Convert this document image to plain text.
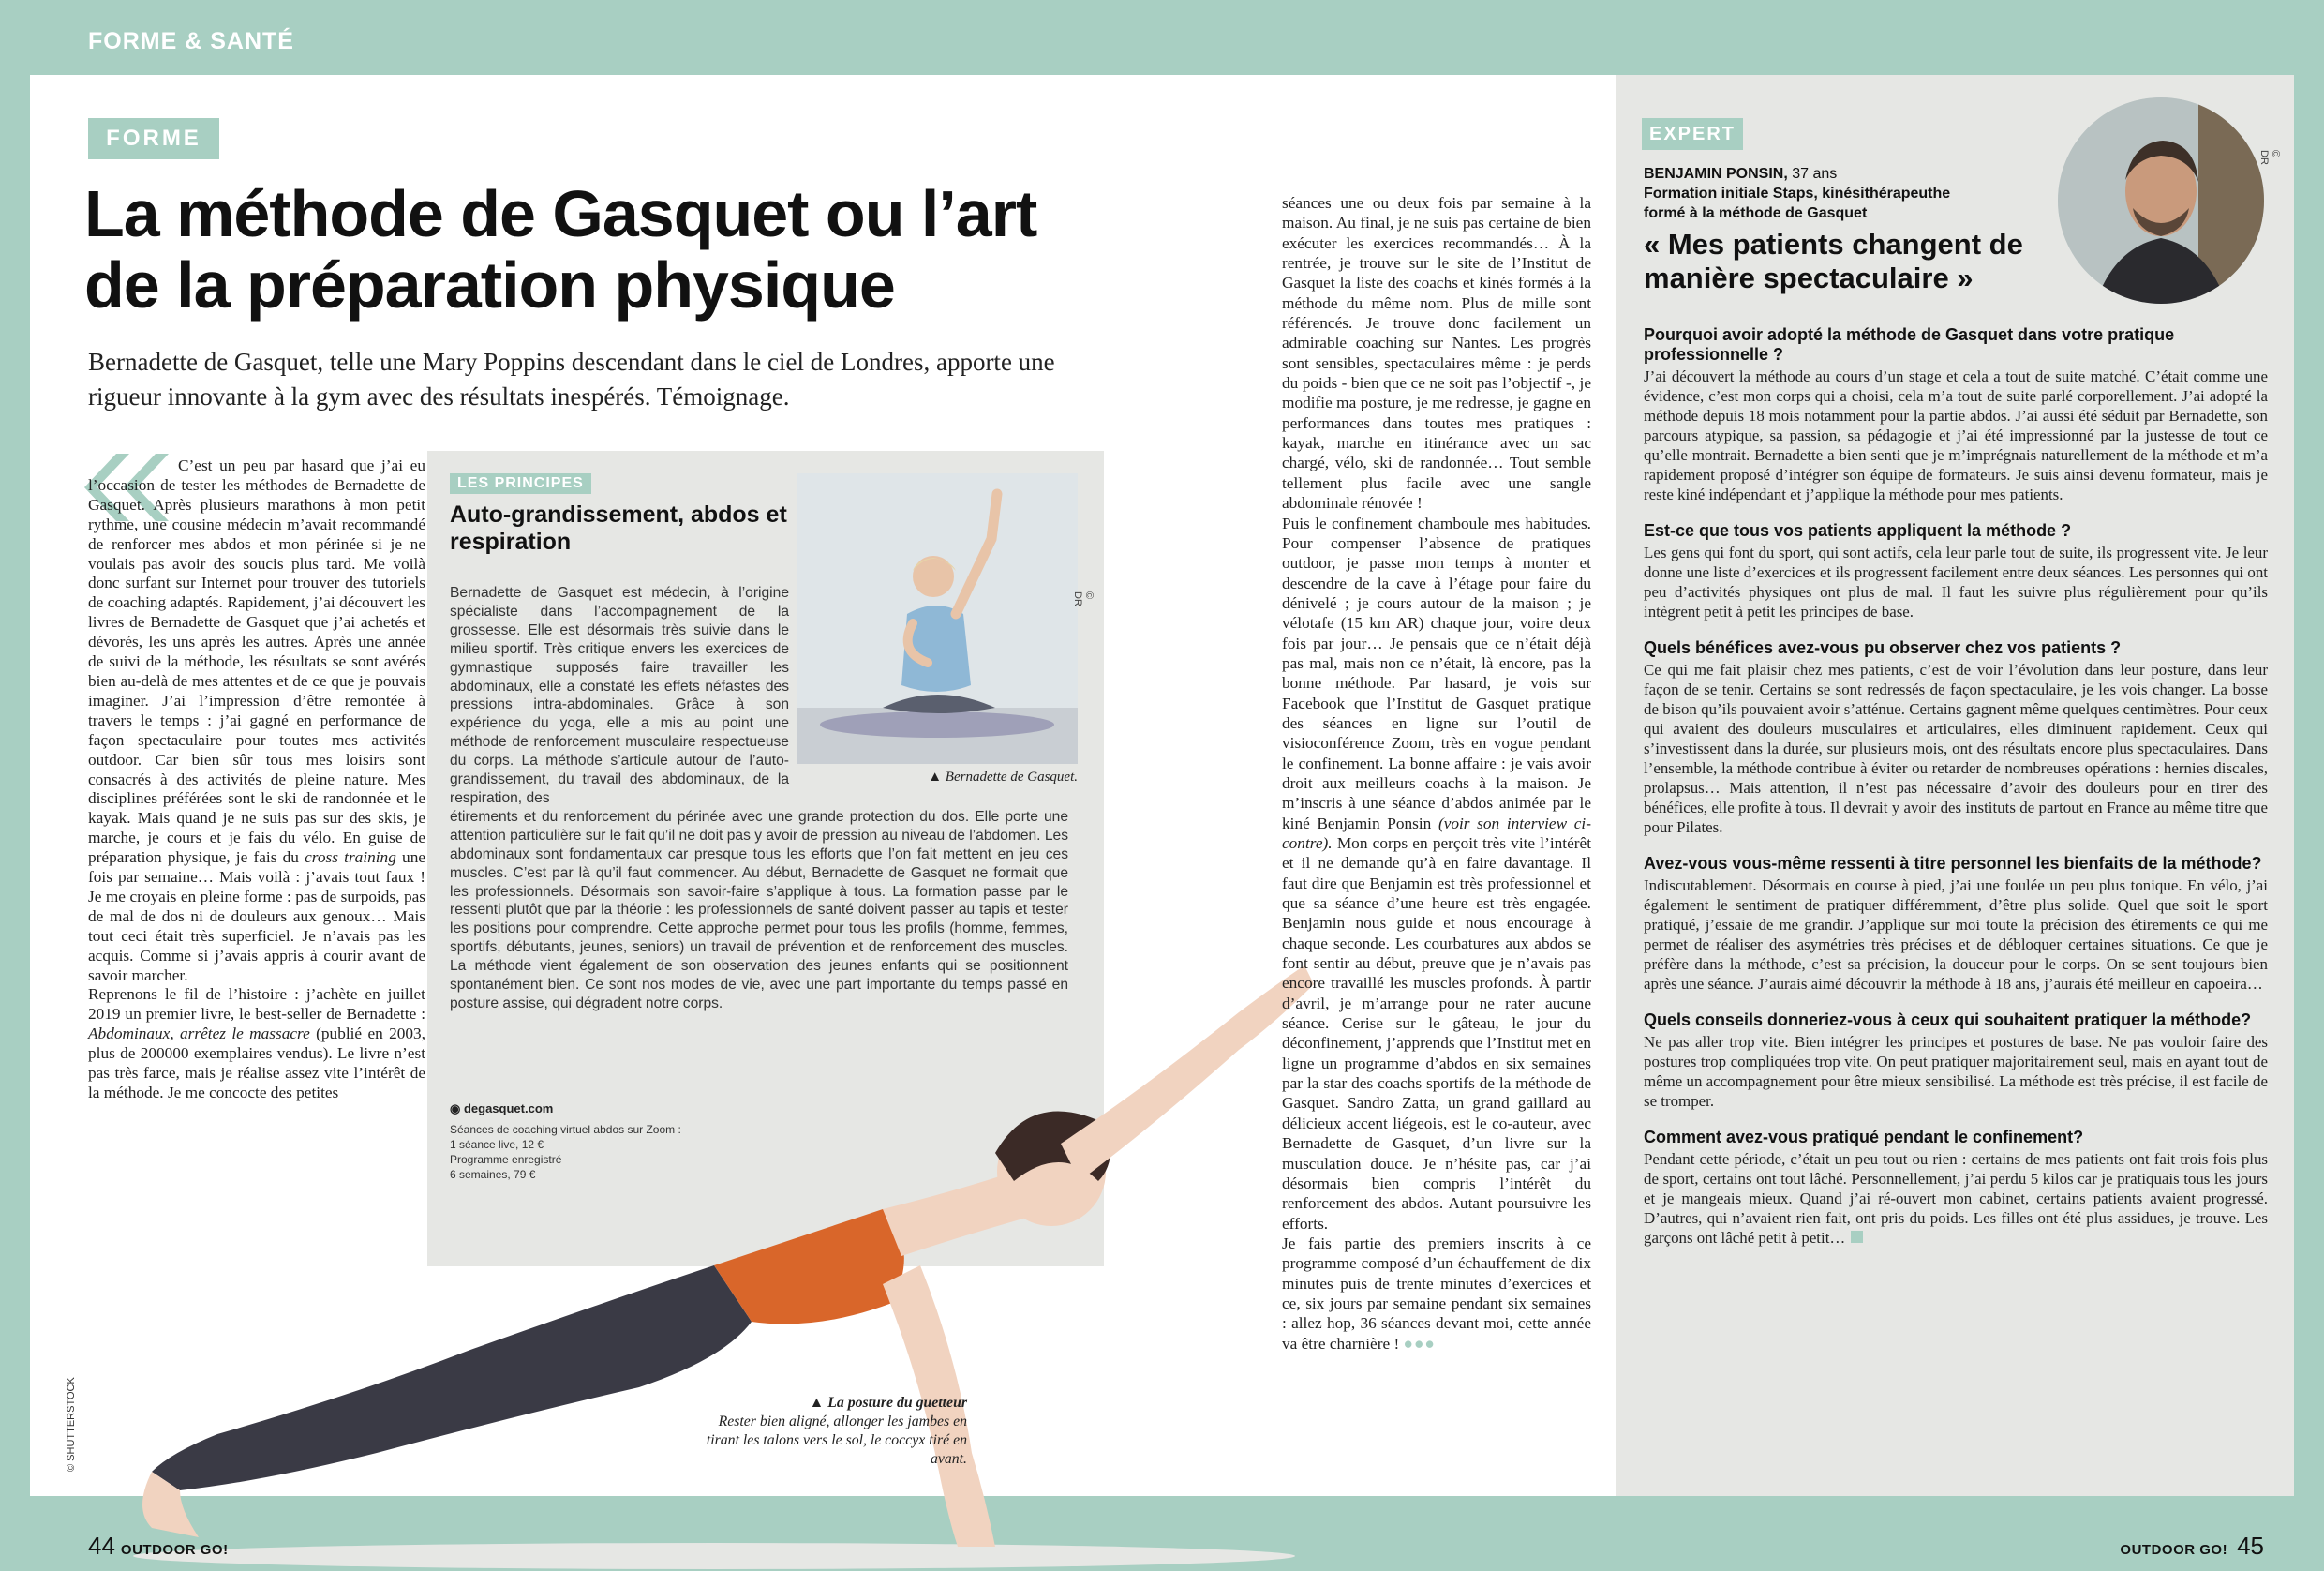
FORME & SANTÉ
FORME
La méthode de Gasquet ou l’art
de la préparation physique

Bernadette de Gasquet, telle une Mary Poppins descendant dans le ciel de Londres, apporte une rigueur innovante à la gym avec des résultats inespérés. Témoignage.

C’est un peu par hasard que j’ai eu l’occasion de tester les méthodes de Bernadette de Gasquet. Après plusieurs marathons à mon petit rythme, une cousine médecin m’avait recommandé de renforcer mes abdos et mon périnée si je ne voulais pas avoir des soucis plus tard. Me voilà donc surfant sur Internet pour trouver des tutoriels de coaching adaptés. Rapidement, j’ai découvert les livres de Bernadette de Gasquet que j’ai achetés et dévorés, les uns après les autres. Après une année de suivi de la méthode, les résultats se sont avérés bien au-delà de mes attentes et de ce que je pouvais imaginer. J’ai l’impression d’être remontée à travers le temps : j’ai gagné en performance de façon spectaculaire pour toutes mes activités outdoor. Car bien sûr tous mes loisirs sont consacrés à des activités de pleine nature. Mes disciplines préférées sont le ski de randonnée et le kayak. Mais quand je ne suis pas sur des skis, je marche, je cours et je fais du vélo. En guise de préparation physique, je fais du cross training une fois par semaine… Mais voilà : j’avais tout faux ! Je me croyais en pleine forme : pas de surpoids, pas de mal de dos ni de douleurs aux genoux… Mais tout ceci était très superficiel. Je n’avais pas les acquis. Comme si j’avais appris à courir avant de savoir marcher.

Reprenons le fil de l’histoire : j’achète en juillet 2019 un premier livre, le best-seller de Bernadette : Abdominaux, arrêtez le massacre (publié en 2003, plus de 200000 exemplaires vendus). Le livre n’est pas très farce, mais je réalise assez vite l’intérêt de la méthode. Je me concocte des petites

LES PRINCIPES
Auto-grandissement, abdos et respiration
© DR
▲ Bernadette de Gasquet.

Bernadette de Gasquet est médecin, à l’origine spécialiste dans l’accompagnement de la grossesse. Elle est désormais très suivie dans le milieu sportif. Très critique envers les exercices de gymnastique supposés faire travailler les abdominaux, elle a constaté les effets néfastes des pressions intra-abdominales. Grâce à son expérience du yoga, elle a mis au point une méthode de renforcement musculaire respectueuse du corps. La méthode s’articule autour de l’auto-grandissement, du travail des abdominaux, de la respiration, des
étirements et du renforcement du périnée avec une grande protection du dos. Elle porte une attention particulière sur le fait qu’il ne doit pas y avoir de pression au niveau de l’abdomen. Les abdominaux sont fondamentaux car presque tous les efforts que l’on fait mettent en jeu ces muscles. C’est par là qu’il faut commencer. Au début, Bernadette de Gasquet ne formait que les professionnels. Désormais son savoir-faire s’applique à tous. La formation passe par le ressenti plutôt que par la théorie : les professionnels de santé doivent passer au tapis et tester les positions pour comprendre. Cette approche permet pour tous les profils (homme, femmes, sportifs, débutants, jeunes, seniors) un travail de prévention et de renforcement des muscles. La méthode vient également de son observation des jeunes enfants qui se positionnent spontanément bien. Ce sont nos modes de vie, avec une part importante du temps passé en posture assise, qui dégradent notre corps.

◉ degasquet.com

Séances de coaching virtuel abdos sur Zoom :
1 séance live, 12 €
Programme enregistré
6 semaines, 79 €

▲ La posture du guetteur
Rester bien aligné, allonger les jambes en tirant les talons vers le sol, le coccyx tiré en avant.

séances une ou deux fois par semaine à la maison. Au final, je ne suis pas certaine de bien exécuter les exercices recommandés… À la rentrée, je trouve sur le site de l’Institut de Gasquet la liste des coachs et kinés formés à la méthode du même nom. Plus de mille sont référencés. Je trouve donc facilement un admirable coaching sur Nantes. Les progrès sont sensibles, spectaculaires même : je perds du poids - bien que ce ne soit pas l’objectif -, je modifie ma posture, je me redresse, je gagne en performances dans toutes mes pratiques : kayak, marche en itinérance avec un sac chargé, vélo, ski de randonnée… Tout semble tellement plus facile avec une sangle abdominale rénovée !

Puis le confinement chamboule mes habitudes. Pour compenser l’absence de pratiques outdoor, je passe mon temps à monter et descendre de la cave à l’étage pour faire du dénivelé ; je cours autour de la maison ; je vélotafe (15 km AR) chaque jour, voire deux fois par jour… Je pensais que ce n’était déjà pas mal, mais non ce n’était, là encore, pas la bonne méthode. Par hasard, je vois sur Facebook que l’Institut de Gasquet pratique des séances en ligne sur l’outil de visioconférence Zoom, très en vogue pendant le confinement. La bonne affaire : je vais avoir droit aux meilleurs coachs à la maison. Je m’inscris à une séance d’abdos animée par le kiné Benjamin Ponsin (voir son interview ci-contre). Mon corps en perçoit très vite l’intérêt et il ne demande qu’à en faire davantage. Il faut dire que Benjamin est très professionnel et que sa séance d’une heure est très engagée. Benjamin nous guide et nous encourage à chaque seconde. Les courbatures aux abdos se font sentir au début, preuve que je n’avais pas encore travaillé les muscles profonds. À partir d’avril, je m’arrange pour ne rater aucune séance. Cerise sur le gâteau, le jour du déconfinement, j’apprends que l’Institut met en ligne un programme d’abdos en six semaines par la star des coachs sportifs de la méthode de Gasquet. Sandro Zatta, un grand gaillard au délicieux accent liégeois, est le co-auteur, avec Bernadette de Gasquet, d’un livre sur la musculation douce. Je n’hésite pas, car j’ai désormais bien compris l’intérêt du renforcement des abdos. Autant poursuivre les efforts.

Je fais partie des premiers inscrits à ce programme composé d’un échauffement de dix minutes puis de trente minutes d’exercices et ce, six jours par semaine pendant six semaines : allez hop, 36 séances devant moi, cette année va être charnière ! ●●●

© SHUTTERSTOCK
44 OUTDOOR GO!
EXPERT

BENJAMIN PONSIN, 37 ans
Formation initiale Staps, kinésithérapeuthe
formé à la méthode de Gasquet

« Mes patients changent de manière spectaculaire »
© DR

Pourquoi avoir adopté la méthode de Gasquet dans votre pratique professionnelle ?

J’ai découvert la méthode au cours d’un stage et cela a tout de suite matché. C’était comme une évidence, c’est mon corps qui a choisi, cela m’a tout de suite parlé corporellement. J’ai adopté la méthode depuis 18 mois notamment pour la partie abdos. J’ai aussi été séduit par Bernadette, son parcours atypique, sa passion, sa pédagogie et j’ai été impressionné par la justesse de tout ce qu’elle montrait. Bernadette a bien senti que je m’imprégnais naturellement de la méthode et m’a rapidement proposé d’intégrer son équipe de formateurs. Je suis ainsi devenu formateur, mais je reste kiné indépendant et j’applique la méthode pour mes patients.

Est-ce que tous vos patients appliquent la méthode ?

Les gens qui font du sport, qui sont actifs, cela leur parle tout de suite, ils progressent vite. Je leur donne une liste d’exercices et ils progressent facilement entre deux séances. Les personnes qui ont peu d’activités physiques ont plus de mal. Il faut les suivre plus régulièrement pour qu’ils intègrent petit à petit les principes de base.

Quels bénéfices avez-vous pu observer chez vos patients ?

Ce qui me fait plaisir chez mes patients, c’est de voir l’évolution dans leur posture, dans leur façon de se tenir. Certains se sont redressés de façon spectaculaire, je les vois changer. La bosse de bison qu’ils pouvaient avoir s’atténue. Certains gagnent même quelques centimètres. Pour ceux qui avaient des douleurs musculaires et articulaires, elles diminuent rapidement. Ceux qui s’investissent dans la durée, sur plusieurs mois, ont des résultats encore plus spectaculaires. Dans l’ensemble, la méthode contribue à éviter ou retarder de nombreuses opérations : hernies discales, prolapsus… Mais attention, il n’est pas nécessaire d’avoir des douleurs pour en tirer des bénéfices, elle profite à tous. Il devrait y avoir des instituts de partout en France au même titre que pour Pilates.

Avez-vous vous-même ressenti à titre personnel les bienfaits de la méthode?

Indiscutablement. Désormais en course à pied, j’ai une foulée un peu plus tonique. En vélo, j’ai également le sentiment de pratiquer différemment, d’être plus solide. Quel que soit le sport pratiqué, j’essaie de me grandir. J’applique sur moi toute la précision des étirements ce qui me permet de réaliser des asymétries très précises et de débloquer certaines situations. Ce que je préfère dans la méthode, c’est sa précision, la douceur pour le corps. On se sent toujours bien après une séance. J’aurais aimé découvrir la méthode à 18 ans, j’aurais été meilleur en capoeira…

Quels conseils donneriez-vous à ceux qui souhaitent pratiquer la méthode?

Ne pas aller trop vite. Bien intégrer les principes et postures de base. Ne pas vouloir faire des postures trop compliquées trop vite. On peut pratiquer majoritairement seul, mais en ayant tout de même un accompagnement pour être mieux sensibilisé. La méthode est très précise, il est facile de se tromper.

Comment avez-vous pratiqué pendant le confinement?

Pendant cette période, c’était un peu tout ou rien : certains de mes patients ont fait trois fois plus de sport, certains ont tout lâché. Personnellement, j’ai perdu 5 kilos car je pratiquais tous les jours et je mangeais mieux. Quand j’ai ré-ouvert mon cabinet, certains patients avaient progressé. D’autres, qui n’avaient rien fait, ont pris du poids. Les filles ont été plus assidues, je trouve. Les garçons ont lâché petit à petit…

OUTDOOR GO! 45
